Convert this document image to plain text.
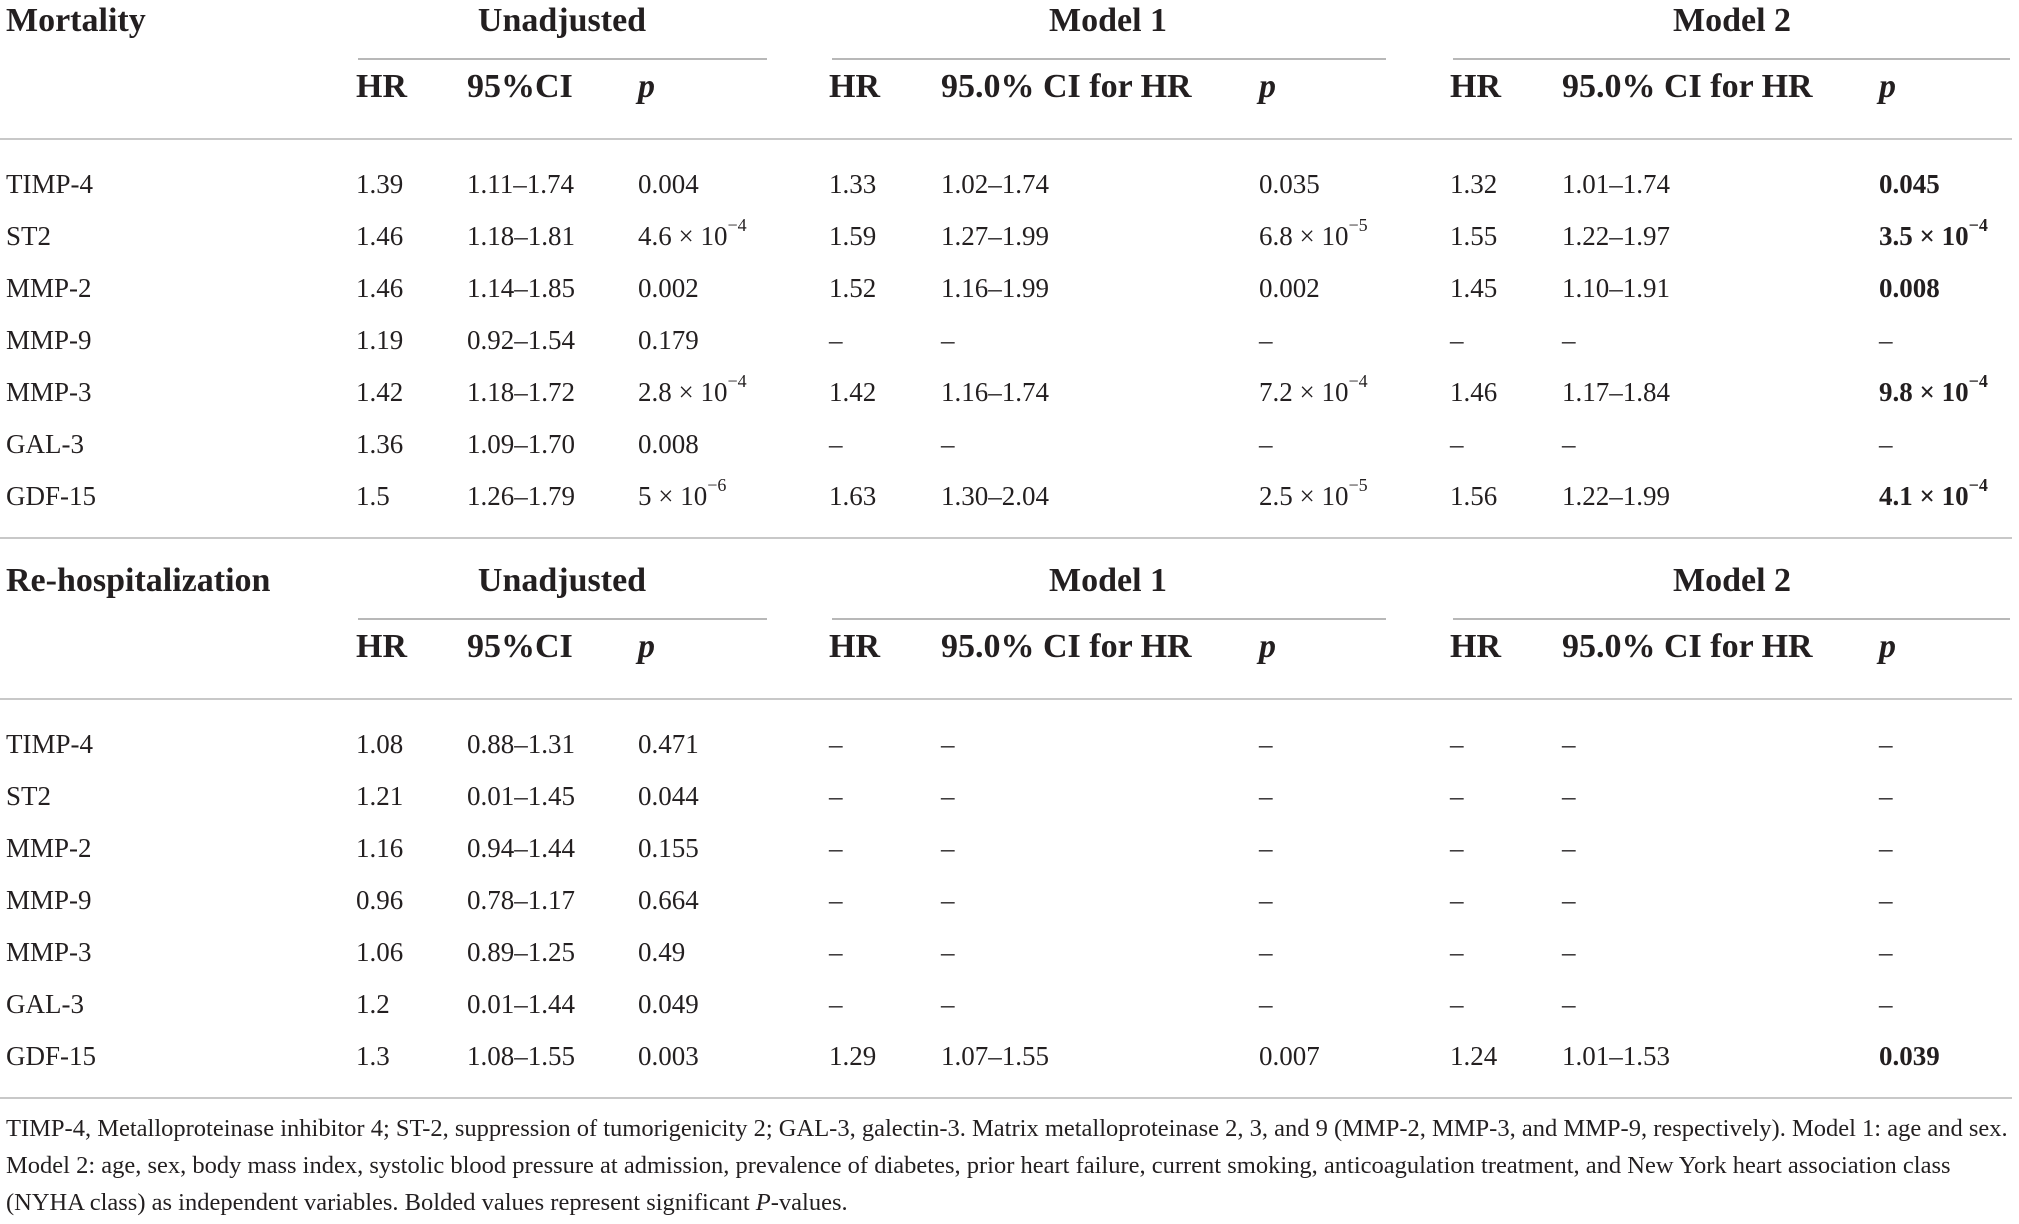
Mortality	Unadjusted	Model 1	Model 2
HR 95%CI p	HR 95.0% CI for HR p	HR 95.0% CI for HR p
TIMP-4	1.39 1.11–1.74 0.004	1.33 1.02–1.74	0.035	1.32 1.01–1.74	0.045
ST2	1.46 1.18–1.81 $4.6 \times 10^{-4}$	1.59 1.27–1.99	$6.8 \times 10^{-5}$	1.55 1.22–1.97	$3.5 \times 10^{-4}$
MMP-2	1.46 1.14–1.85 0.002	1.52 1.16–1.99	0.002	1.45 1.10–1.91	0.008
MMP-9	1.19 0.92–1.54 0.179	–	–	–	–	–	–
MMP-3	1.42 1.18–1.72 $2.8 \times 10^{-4}$	1.42 1.16–1.74	$7.2 \times 10^{-4}$	1.46 1.17–1.84	$9.8 \times 10^{-4}$
GAL-3	1.36 1.09–1.70 0.008	–	–	–	–	–	–
GDF-15	1.5	1.26–1.79 $5 \times 10^{-6}$	1.63 1.30–2.04	$2.5 \times 10^{-5}$	1.56 1.22–1.99	$4.1 \times 10^{-4}$
Re-hospitalization	Unadjusted	Model 1	Model 2
HR 95%CI p	HR 95.0% CI for HR p	HR 95.0% CI for HR p
TIMP-4	1.08 0.88–1.31 0.471	–	–	–	–	–	–
ST2	1.21 0.01–1.45 0.044	–	–	–	–	–	–
MMP-2	1.16 0.94–1.44 0.155	–	–	–	–	–	–
MMP-9	0.96 0.78–1.17 0.664	–	–	–	–	–	–
MMP-3	1.06 0.89–1.25 0.49	–	–	–	–	–	–
GAL-3	1.2	0.01–1.44 0.049	–	–	–	–	–	–
GDF-15	1.3	1.08–1.55 0.003	1.29 1.07–1.55	0.007	1.24 1.01–1.53	0.039
TIMP-4, Metalloproteinase inhibitor 4; ST-2, suppression of tumorigenicity 2; GAL-3, galectin-3. Matrix metalloproteinase 2, 3, and 9 (MMP-2, MMP-3, and MMP-9, respectively). Model 1: age and sex. Model 2: age, sex, body mass index, systolic blood pressure at admission, prevalence of diabetes, prior heart failure, current smoking, anticoagulation treatment, and New York heart association class (NYHA class) as independent variables. Bolded values represent significant P-values.
